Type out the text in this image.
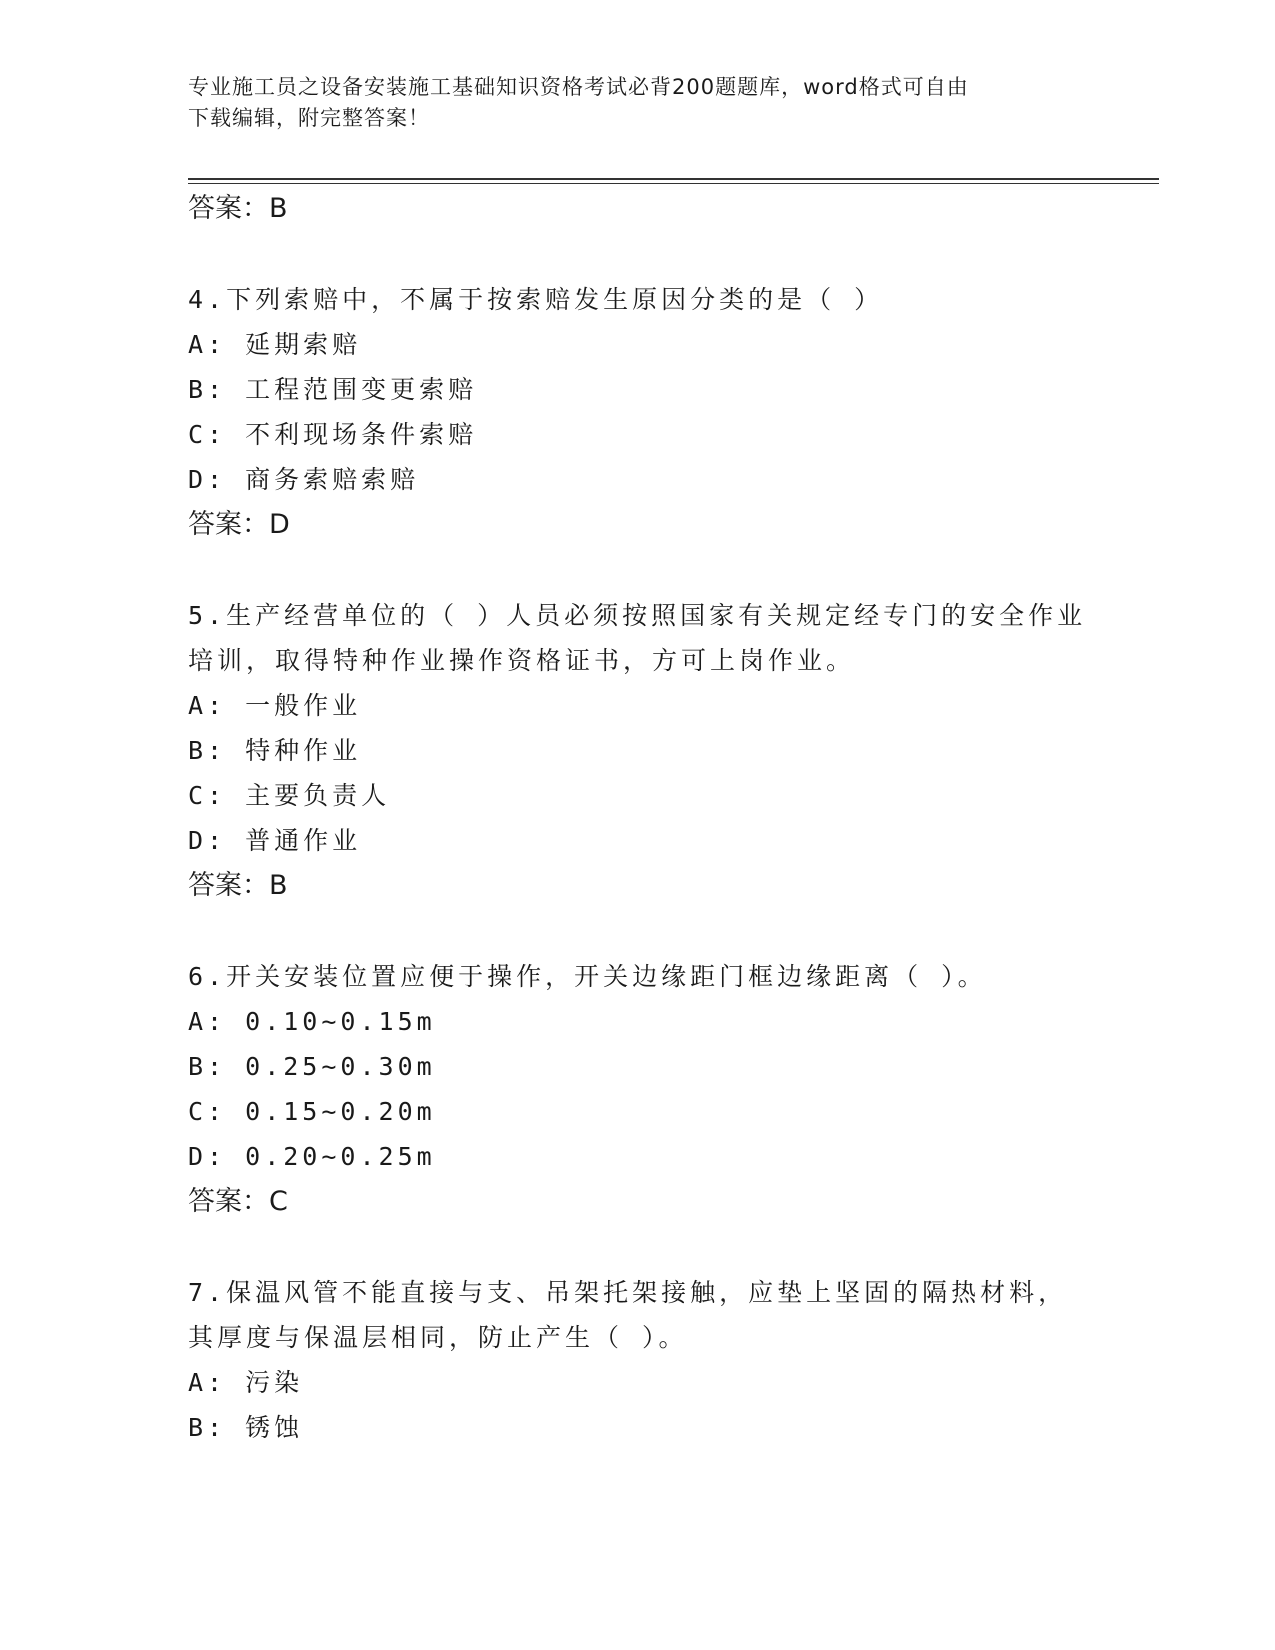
专业施工员之设备安装施工基础知识资格考试必背200题题库，word格式可自由
下载编辑，附完整答案！
答案：B
4.下列索赔中，不属于按索赔发生原因分类的是（ ）
A: 延期索赔
B: 工程范围变更索赔
C: 不利现场条件索赔
D: 商务索赔索赔
答案：D
5.生产经营单位的（ ）人员必须按照国家有关规定经专门的安全作业
培训，取得特种作业操作资格证书，方可上岗作业。
A: 一般作业
B: 特种作业
C: 主要负责人
D: 普通作业
答案：B
6.开关安装位置应便于操作，开关边缘距门框边缘距离（ ）。
A: 0.10~0.15m
B: 0.25~0.30m
C: 0.15~0.20m
D: 0.20~0.25m
答案：C
7.保温风管不能直接与支、吊架托架接触，应垫上坚固的隔热材料，
其厚度与保温层相同，防止产生（ ）。
A: 污染
B: 锈蚀
